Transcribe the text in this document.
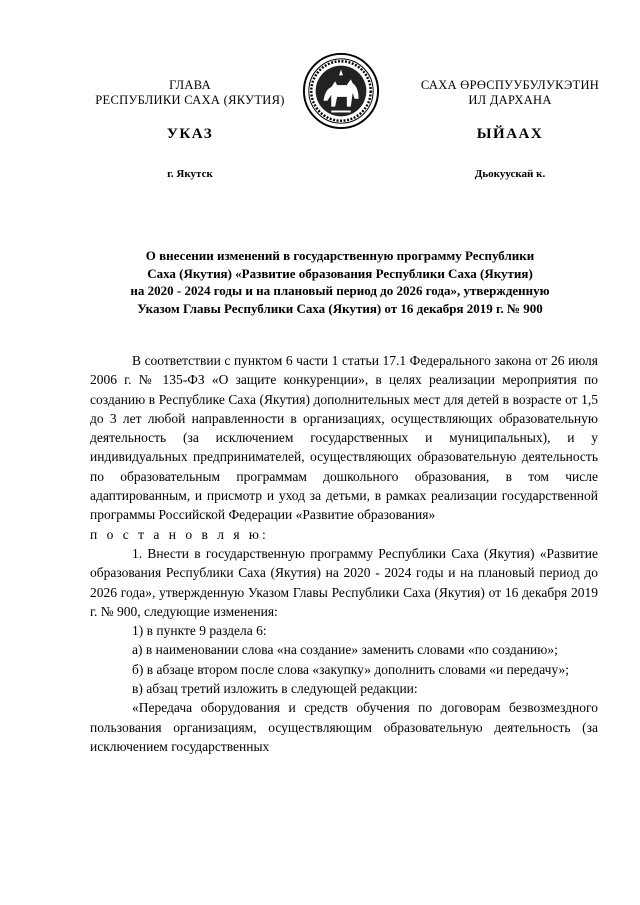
ГЛАВА
РЕСПУБЛИКИ САХА (ЯКУТИЯ)
САХА ӨРӨСПУУБУЛУКЭТИН
ИЛ ДАРХАНА
УКАЗ	ЫЙААХ
г. Якутск	Дьокуускай к.
О внесении изменений в государственную программу Республики
Саха (Якутия) «Развитие образования Республики Саха (Якутия)
на 2020 - 2024 годы и на плановый период до 2026 года», утвержденную
Указом Главы Республики Саха (Якутия) от 16 декабря 2019 г. № 900

В соответствии с пунктом 6 части 1 статьи 17.1 Федерального закона от 26 июля 2006 г. № 135-ФЗ «О защите конкуренции», в целях реализации мероприятия по созданию в Республике Саха (Якутия) дополнительных мест для детей в возрасте от 1,5 до 3 лет любой направленности в организациях, осуществляющих образовательную деятельность (за исключением государственных и муниципальных), и у индивидуальных предпринимателей, осуществляющих образовательную деятельность по образовательным программам дошкольного образования, в том числе адаптированным, и присмотр и уход за детьми, в рамках реализации государственной программы Российской Федерации «Развитие образования»

п о с т а н о в л я ю:

1. Внести в государственную программу Республики Саха (Якутия) «Развитие образования Республики Саха (Якутия) на 2020 - 2024 годы и на плановый период до 2026 года», утвержденную Указом Главы Республики Саха (Якутия) от 16 декабря 2019 г. № 900, следующие изменения:

1) в пункте 9 раздела 6:

а) в наименовании слова «на создание» заменить словами «по созданию»;

б) в абзаце втором после слова «закупку» дополнить словами «и передачу»;

в) абзац третий изложить в следующей редакции:

«Передача оборудования и средств обучения по договорам безвозмездного пользования организациям, осуществляющим образовательную деятельность (за исключением государственных
